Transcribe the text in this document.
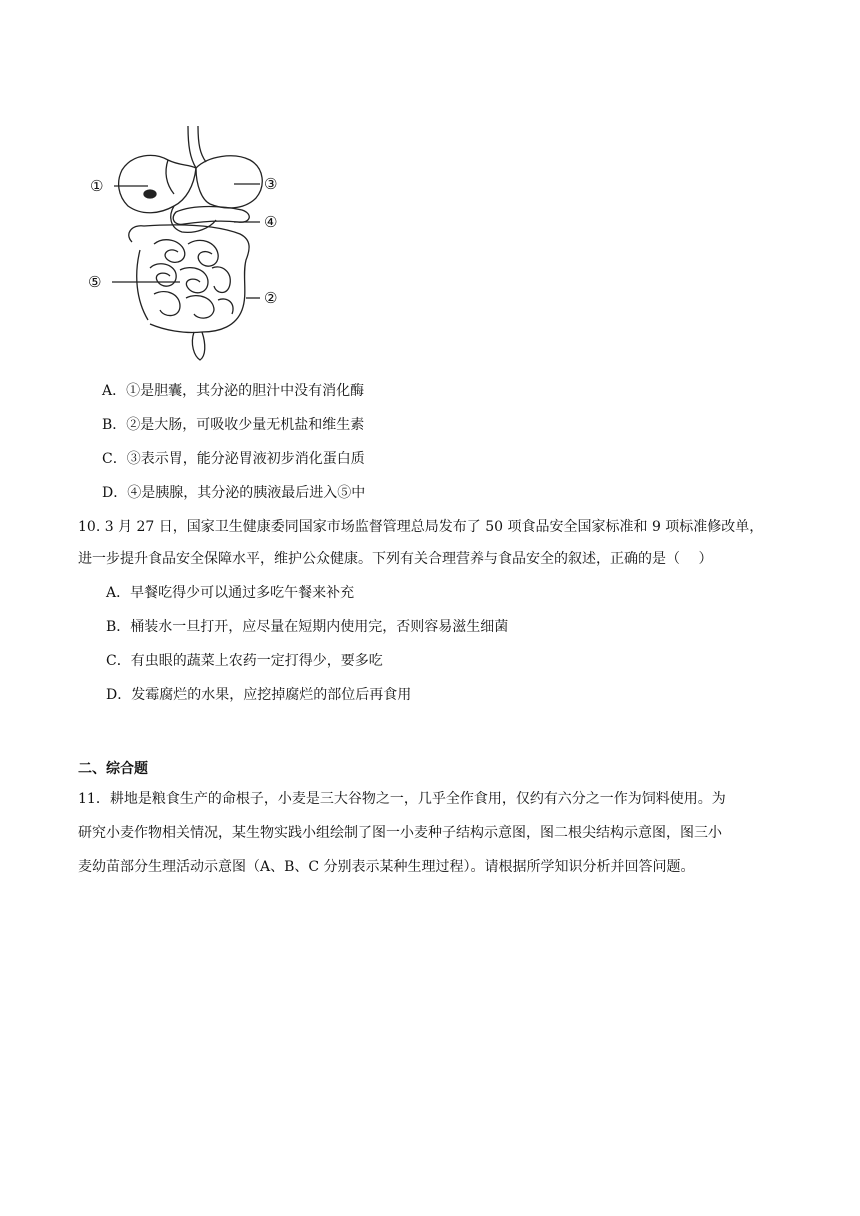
①	③
④
⑤
②
A．①是胆囊，其分泌的胆汁中没有消化酶
B．②是大肠，可吸收少量无机盐和维生素
C．③表示胃，能分泌胃液初步消化蛋白质
D．④是胰腺，其分泌的胰液最后进入⑤中
10. 3 月 27 日，国家卫生健康委同国家市场监督管理总局发布了 50 项食品安全国家标准和 9 项标准修改单，
进一步提升食品安全保障水平，维护公众健康。下列有关合理营养与食品安全的叙述，正确的是（　 ）
A．早餐吃得少可以通过多吃午餐来补充
B．桶装水一旦打开，应尽量在短期内使用完，否则容易滋生细菌
C．有虫眼的蔬菜上农药一定打得少，要多吃
D．发霉腐烂的水果，应挖掉腐烂的部位后再食用
二、综合题
11．耕地是粮食生产的命根子，小麦是三大谷物之一，几乎全作食用，仅约有六分之一作为饲料使用。为
研究小麦作物相关情况，某生物实践小组绘制了图一小麦种子结构示意图，图二根尖结构示意图，图三小
麦幼苗部分生理活动示意图（A、B、C 分别表示某种生理过程）。请根据所学知识分析并回答问题。
